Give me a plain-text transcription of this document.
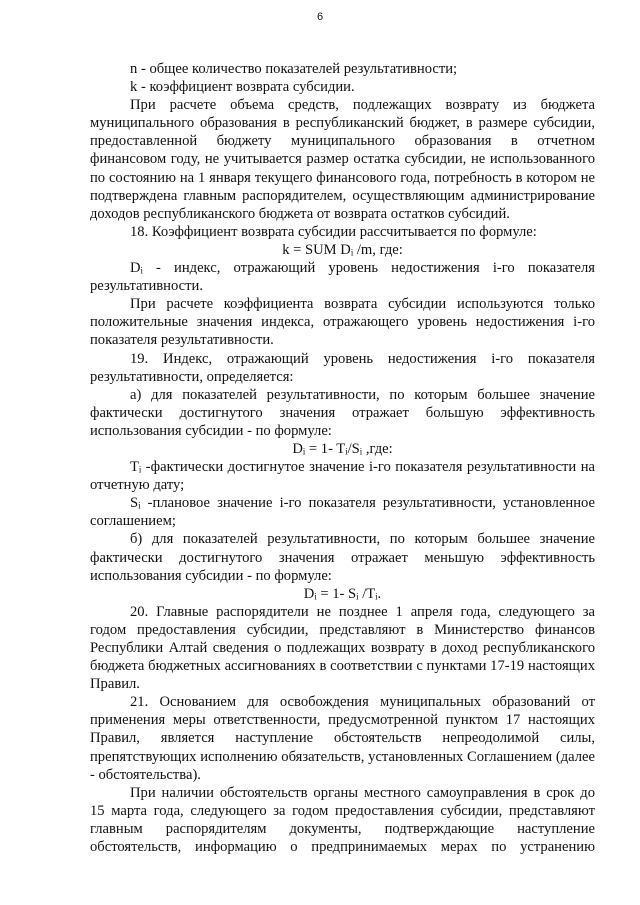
6

n - общее количество показателей результативности;

k - коэффициент возврата субсидии.

При расчете объема средств, подлежащих возврату из бюджета муниципального образования в республиканский бюджет, в размере субсидии, предоставленной бюджету муниципального образования в отчетном финансовом году, не учитывается размер остатка субсидии, не использованного по состоянию на 1 января текущего финансового года, потребность в котором не подтверждена главным распорядителем, осуществляющим администрирование доходов республиканского бюджета от возврата остатков субсидий.

18. Коэффициент возврата субсидии рассчитывается по формуле:

k = SUM Dᵢ /m, где:

Dᵢ - индекс, отражающий уровень недостижения i-го показателя результативности.

При расчете коэффициента возврата субсидии используются только положительные значения индекса, отражающего уровень недостижения i-го показателя результативности.

19. Индекс, отражающий уровень недостижения i-го показателя результативности, определяется:

а) для показателей результативности, по которым большее значение фактически достигнутого значения отражает большую эффективность использования субсидии - по формуле:

Dᵢ = 1- Tᵢ/Sᵢ ,где:

Tᵢ -фактически достигнутое значение i-го показателя результативности на отчетную дату;

Sᵢ -плановое значение i-го показателя результативности, установленное соглашением;

б) для показателей результативности, по которым большее значение фактически достигнутого значения отражает меньшую эффективность использования субсидии - по формуле:

Dᵢ = 1- Sᵢ /Tᵢ.

20. Главные распорядители не позднее 1 апреля года, следующего за годом предоставления субсидии, представляют в Министерство финансов Республики Алтай сведения о подлежащих возврату в доход республиканского бюджета бюджетных ассигнованиях в соответствии с пунктами 17-19 настоящих Правил.

21. Основанием для освобождения муниципальных образований от применения меры ответственности, предусмотренной пунктом 17 настоящих Правил, является наступление обстоятельств непреодолимой силы, препятствующих исполнению обязательств, установленных Соглашением (далее - обстоятельства).

При наличии обстоятельств органы местного самоуправления в срок до 15 марта года, следующего за годом предоставления субсидии, представляют главным распорядителям документы, подтверждающие наступление обстоятельств, информацию о предпринимаемых мерах по устранению
